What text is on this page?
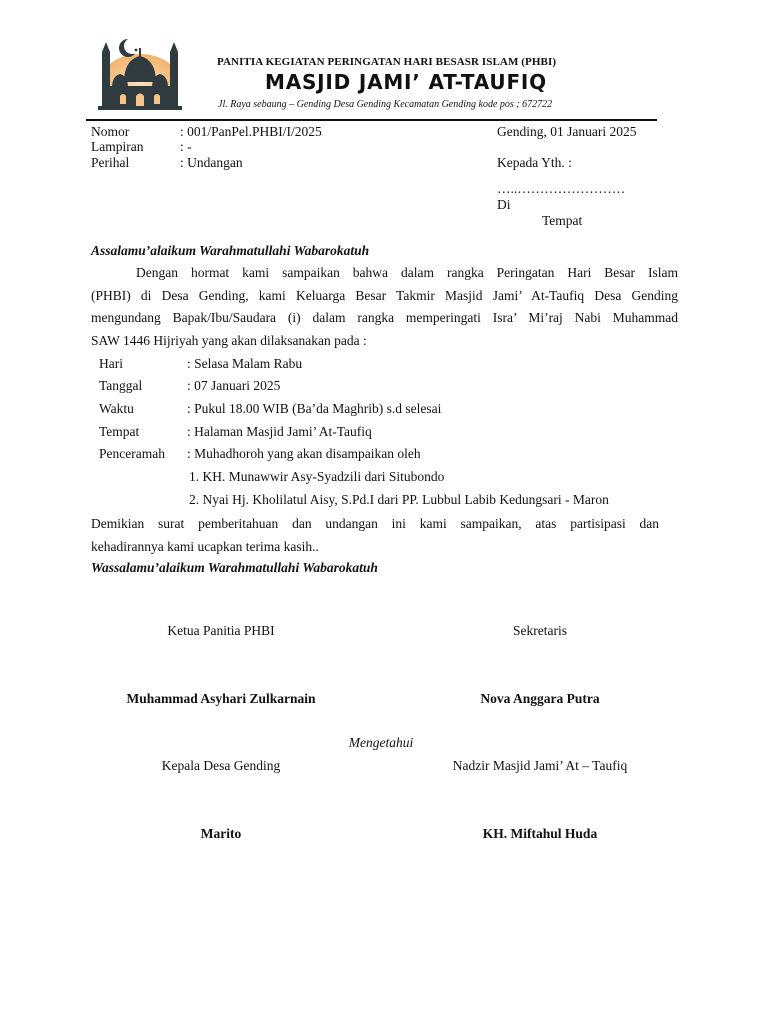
PANITIA KEGIATAN PERINGATAN HARI BESASR ISLAM (PHBI)
MASJID JAMI’ AT-TAUFIQ
Jl. Raya sebaung – Gending Desa Gending Kecamatan Gending kode pos ; 672722
Nomor	: 001/PanPel.PHBI/I/2025
Lampiran	: -
Perihal	: Undangan
Gending, 01 Januari 2025
Kepada Yth. :
…..……………………
Di
Tempat
Assalamu’alaikum Warahmatullahi Wabarokatuh
Dengan hormat kami sampaikan bahwa dalam rangka Peringatan Hari Besar Islam
(PHBI) di Desa Gending, kami Keluarga Besar Takmir Masjid Jami’ At-Taufiq Desa Gending
mengundang Bapak/Ibu/Saudara (i) dalam rangka memperingati Isra’ Mi’raj Nabi Muhammad
SAW 1446 Hijriyah yang akan dilaksanakan pada :
Hari	: Selasa Malam Rabu
Tanggal	: 07 Januari 2025
Waktu	: Pukul 18.00 WIB (Ba’da Maghrib) s.d selesai
Tempat	: Halaman Masjid Jami’ At-Taufiq
Penceramah : Muhadhoroh yang akan disampaikan oleh
1. KH. Munawwir Asy-Syadzili dari Situbondo
2. Nyai Hj. Kholilatul Aisy, S.Pd.I dari PP. Lubbul Labib Kedungsari - Maron
Demikian surat pemberitahuan dan undangan ini kami sampaikan, atas partisipasi dan
kehadirannya kami ucapkan terima kasih..
Wassalamu’alaikum Warahmatullahi Wabarokatuh
Ketua Panitia PHBI	Sekretaris
Muhammad Asyhari Zulkarnain	Nova Anggara Putra
Mengetahui
Kepala Desa Gending	Nadzir Masjid Jami’ At – Taufiq
Marito	KH. Miftahul Huda
